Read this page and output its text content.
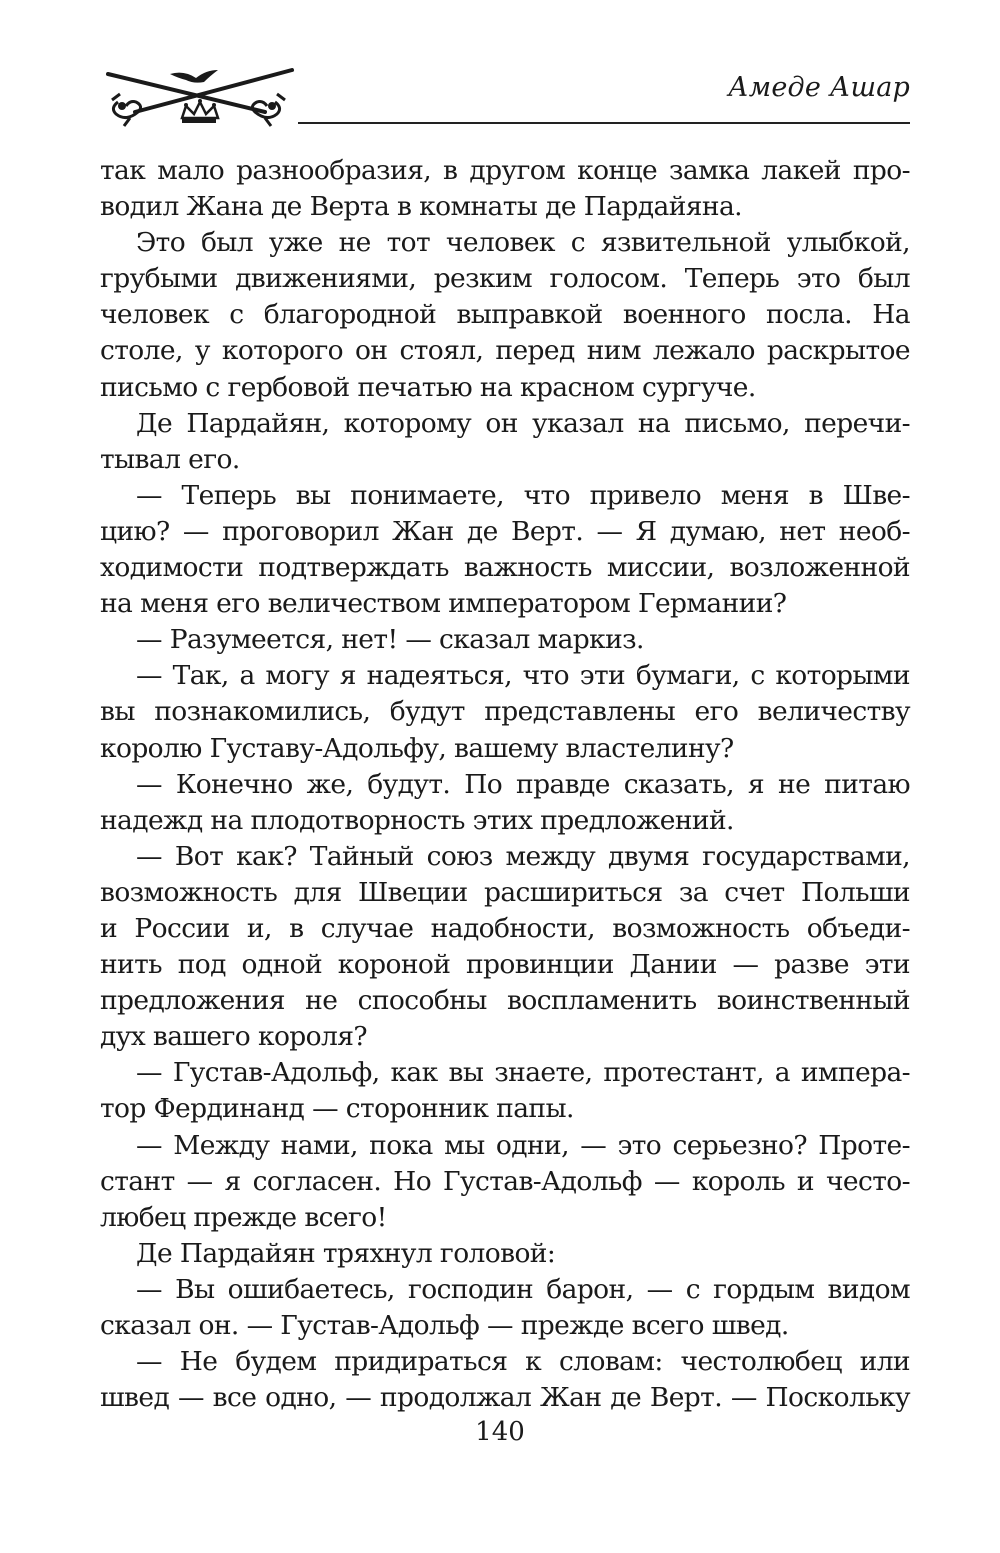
Амеде Ашар
так мало разнообразия, в другом конце замка лакей про-
водил Жана де Верта в комнаты де Пардайяна.
Это был уже не тот человек с язвительной улыбкой,
грубыми движениями, резким голосом. Теперь это был
человек с благородной выправкой военного посла. На
столе, у которого он стоял, перед ним лежало раскрытое
письмо с гербовой печатью на красном сургуче.
Де Пардайян, которому он указал на письмо, перечи-
тывал его.
— Теперь вы понимаете, что привело меня в Шве-
цию? — проговорил Жан де Верт. — Я думаю, нет необ-
ходимости подтверждать важность миссии, возложенной
на меня его величеством императором Германии?
— Разумеется, нет! — сказал маркиз.
— Так, а могу я надеяться, что эти бумаги, с которыми
вы познакомились, будут представлены его величеству
королю Густаву-Адольфу, вашему властелину?
— Конечно же, будут. По правде сказать, я не питаю
надежд на плодотворность этих предложений.
— Вот как? Тайный союз между двумя государствами,
возможность для Швеции расшириться за счет Польши
и России и, в случае надобности, возможность объеди-
нить под одной короной провинции Дании — разве эти
предложения не способны воспламенить воинственный
дух вашего короля?
— Густав-Адольф, как вы знаете, протестант, а импера-
тор Фердинанд — сторонник папы.
— Между нами, пока мы одни, — это серьезно? Проте-
стант — я согласен. Но Густав-Адольф — король и често-
любец прежде всего!
Де Пардайян тряхнул головой:
— Вы ошибаетесь, господин барон, — с гордым видом
сказал он. — Густав-Адольф — прежде всего швед.
— Не будем придираться к словам: честолюбец или
швед — все одно, — продолжал Жан де Верт. — Поскольку
140
